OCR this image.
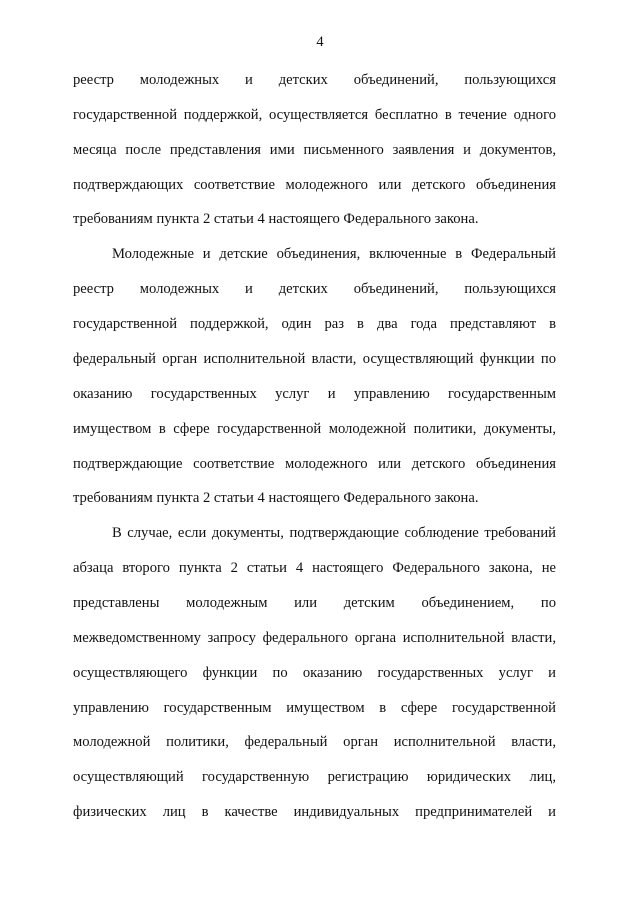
4
реестр молодежных и детских объединений, пользующихся
государственной поддержкой, осуществляется бесплатно в течение одного
месяца после представления ими письменного заявления и документов,
подтверждающих соответствие молодежного или детского объединения
требованиям пункта 2 статьи 4 настоящего Федерального закона.
Молодежные и детские объединения, включенные в Федеральный
реестр молодежных и детских объединений, пользующихся
государственной поддержкой, один раз в два года представляют в
федеральный орган исполнительной власти, осуществляющий функции по
оказанию государственных услуг и управлению государственным
имуществом в сфере государственной молодежной политики, документы,
подтверждающие соответствие молодежного или детского объединения
требованиям пункта 2 статьи 4 настоящего Федерального закона.
В случае, если документы, подтверждающие соблюдение требований
абзаца второго пункта 2 статьи 4 настоящего Федерального закона, не
представлены молодежным или детским объединением, по
межведомственному запросу федерального органа исполнительной власти,
осуществляющего функции по оказанию государственных услуг и
управлению государственным имуществом в сфере государственной
молодежной политики, федеральный орган исполнительной власти,
осуществляющий государственную регистрацию юридических лиц,
физических лиц в качестве индивидуальных предпринимателей и
